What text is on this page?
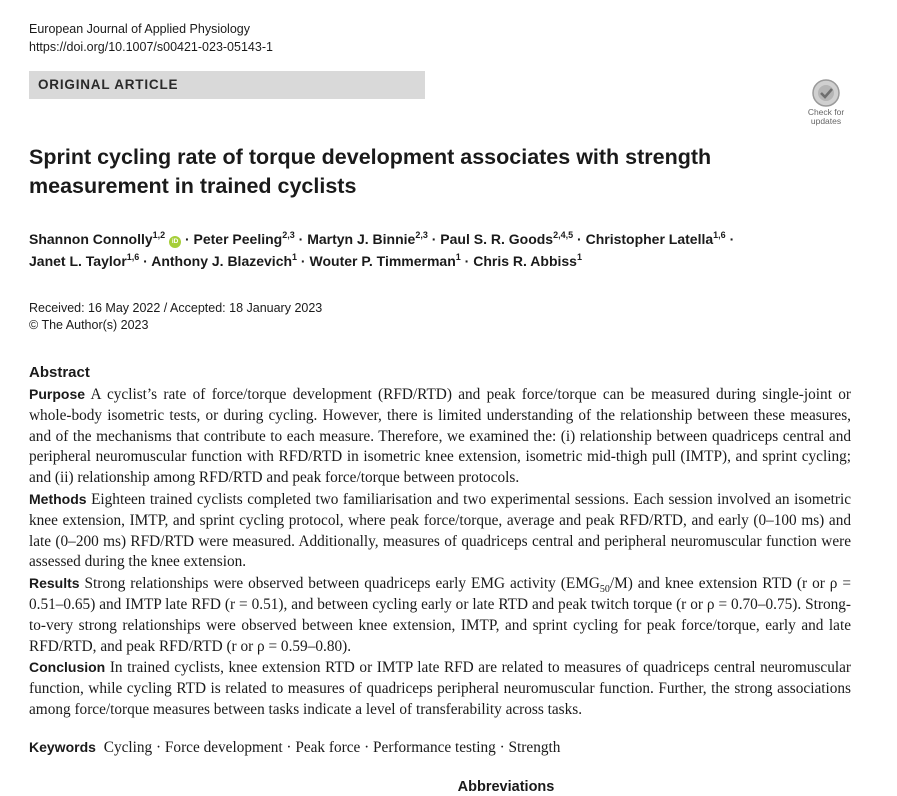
European Journal of Applied Physiology
https://doi.org/10.1007/s00421-023-05143-1
ORIGINAL ARTICLE
Check for
updates
Sprint cycling rate of torque development associates with strength
measurement in trained cyclists
Shannon Connolly$^{1,2}$ iD · Peter Peeling$^{2,3}$ · Martyn J. Binnie$^{2,3}$ · Paul S. R. Goods$^{2,4,5}$ · Christopher Latella$^{1,6}$ ·
Janet L. Taylor$^{1,6}$ · Anthony J. Blazevich$^1$ · Wouter P. Timmerman$^1$ · Chris R. Abbiss$^1$
Received: 16 May 2022 / Accepted: 18 January 2023
© The Author(s) 2023
Abstract

Purpose A cyclist’s rate of force/torque development (RFD/RTD) and peak force/torque can be measured during single-joint or whole-body isometric tests, or during cycling. However, there is limited understanding of the relationship between these measures, and of the mechanisms that contribute to each measure. Therefore, we examined the: (i) relationship between quadriceps central and peripheral neuromuscular function with RFD/RTD in isometric knee extension, isometric mid-thigh pull (IMTP), and sprint cycling; and (ii) relationship among RFD/RTD and peak force/torque between protocols.

Methods Eighteen trained cyclists completed two familiarisation and two experimental sessions. Each session involved an isometric knee extension, IMTP, and sprint cycling protocol, where peak force/torque, average and peak RFD/RTD, and early (0–100 ms) and late (0–200 ms) RFD/RTD were measured. Additionally, measures of quadriceps central and peripheral neuromuscular function were assessed during the knee extension.

Results Strong relationships were observed between quadriceps early EMG activity $(EMG_{50}/M)$ and knee extension RTD (r or ρ = 0.51–0.65) and IMTP late RFD (r = 0.51), and between cycling early or late RTD and peak twitch torque (r or ρ = 0.70–0.75). Strong-to-very strong relationships were observed between knee extension, IMTP, and sprint cycling for peak force/torque, early and late RFD/RTD, and peak RFD/RTD (r or ρ = 0.59–0.80).

Conclusion In trained cyclists, knee extension RTD or IMTP late RFD are related to measures of quadriceps central neuromuscular function, while cycling RTD is related to measures of quadriceps peripheral neuromuscular function. Further, the strong associations among force/torque measures between tasks indicate a level of transferability across tasks.

Keywords Cycling · Force development · Peak force · Performance testing · Strength
Abbreviations
